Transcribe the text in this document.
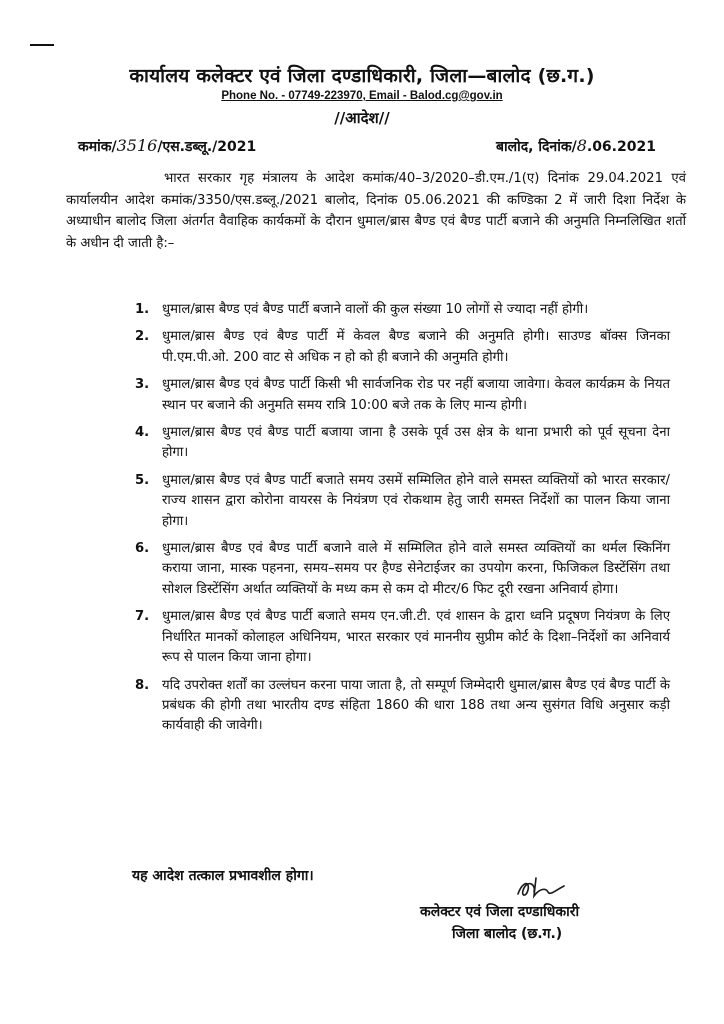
कार्यालय कलेक्टर एवं जिला दण्डाधिकारी, जिला—बालोद (छ.ग.)
Phone No. - 07749-223970, Email - Balod.cg@gov.in
//आदेश//
कमांक/3516/एस.डब्लू./2021	बालोद, दिनांक/8.06.2021
भारत सरकार गृह मंत्रालय के आदेश कमांक/40–3/2020–डी.एम./1(ए) दिनांक 29.04.2021 एवं कार्यालयीन आदेश कमांक/3350/एस.डब्लू./2021 बालोद, दिनांक 05.06.2021 की कण्डिका 2 में जारी दिशा निर्देश के अध्याधीन बालोद जिला अंतर्गत वैवाहिक कार्यकमों के दौरान धुमाल/ब्रास बैण्ड एवं बैण्ड पार्टी बजाने की अनुमति निम्नलिखित शर्तो के अधीन दी जाती है:–
1. धुमाल/ब्रास बैण्ड एवं बैण्ड पार्टी बजाने वालों की कुल संख्या 10 लोगों से ज्यादा नहीं होगी।
2. धुमाल/ब्रास बैण्ड एवं बैण्ड पार्टी में केवल बैण्ड बजाने की अनुमति होगी। साउण्ड बॉक्स जिनका पी.एम.पी.ओ. 200 वाट से अधिक न हो को ही बजाने की अनुमति होगी।
3. धुमाल/ब्रास बैण्ड एवं बैण्ड पार्टी किसी भी सार्वजनिक रोड पर नहीं बजाया जावेगा। केवल कार्यक्रम के नियत स्थान पर बजाने की अनुमति समय रात्रि 10:00 बजे तक के लिए मान्य होगी।
4. धुमाल/ब्रास बैण्ड एवं बैण्ड पार्टी बजाया जाना है उसके पूर्व उस क्षेत्र के थाना प्रभारी को पूर्व सूचना देना होगा।
5. धुमाल/ब्रास बैण्ड एवं बैण्ड पार्टी बजाते समय उसमें सम्मिलित होने वाले समस्त व्यक्तियों को भारत सरकार/राज्य शासन द्वारा कोरोना वायरस के नियंत्रण एवं रोकथाम हेतु जारी समस्त निर्देशों का पालन किया जाना होगा।
6. धुमाल/ब्रास बैण्ड एवं बैण्ड पार्टी बजाने वाले में सम्मिलित होने वाले समस्त व्यक्तियों का थर्मल स्किनिंग कराया जाना, मास्क पहनना, समय–समय पर हैण्ड सेनेटाईजर का उपयोग करना, फिजिकल डिस्टेंसिंग तथा सोशल डिस्टेंसिंग अर्थात व्यक्तियों के मध्य कम से कम दो मीटर/6 फिट दूरी रखना अनिवार्य होगा।
7. धुमाल/ब्रास बैण्ड एवं बैण्ड पार्टी बजाते समय एन.जी.टी. एवं शासन के द्वारा ध्वनि प्रदूषण नियंत्रण के लिए निर्धारित मानकों कोलाहल अधिनियम, भारत सरकार एवं माननीय सुप्रीम कोर्ट के दिशा–निर्देशों का अनिवार्य रूप से पालन किया जाना होगा।
8. यदि उपरोक्त शर्तों का उल्लंघन करना पाया जाता है, तो सम्पूर्ण जिम्मेदारी धुमाल/ब्रास बैण्ड एवं बैण्ड पार्टी के प्रबंधक की होगी तथा भारतीय दण्ड संहिता 1860 की धारा 188 तथा अन्य सुसंगत विधि अनुसार कड़ी कार्यवाही की जावेगी।
यह आदेश तत्काल प्रभावशील होगा।
कलेक्टर एवं जिला दण्डाधिकारी
जिला बालोद (छ.ग.)
